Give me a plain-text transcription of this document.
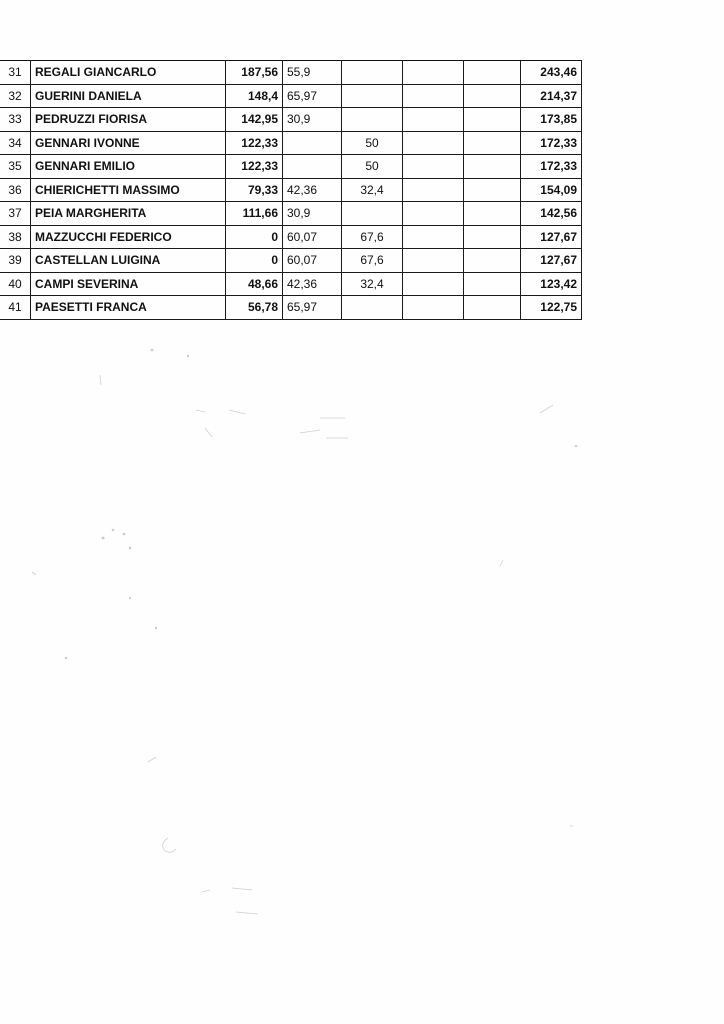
31	REGALI GIANCARLO	187,56	55,9				243,46
32	GUERINI DANIELA	148,4	65,97				214,37
33	PEDRUZZI FIORISA	142,95	30,9				173,85
34	GENNARI IVONNE	122,33		50			172,33
35	GENNARI EMILIO	122,33		50			172,33
36	CHIERICHETTI MASSIMO	79,33	42,36	32,4			154,09
37	PEIA MARGHERITA	111,66	30,9				142,56
38	MAZZUCCHI FEDERICO	0	60,07	67,6			127,67
39	CASTELLAN LUIGINA	0	60,07	67,6			127,67
40	CAMPI SEVERINA	48,66	42,36	32,4			123,42
41	PAESETTI FRANCA	56,78	65,97				122,75
